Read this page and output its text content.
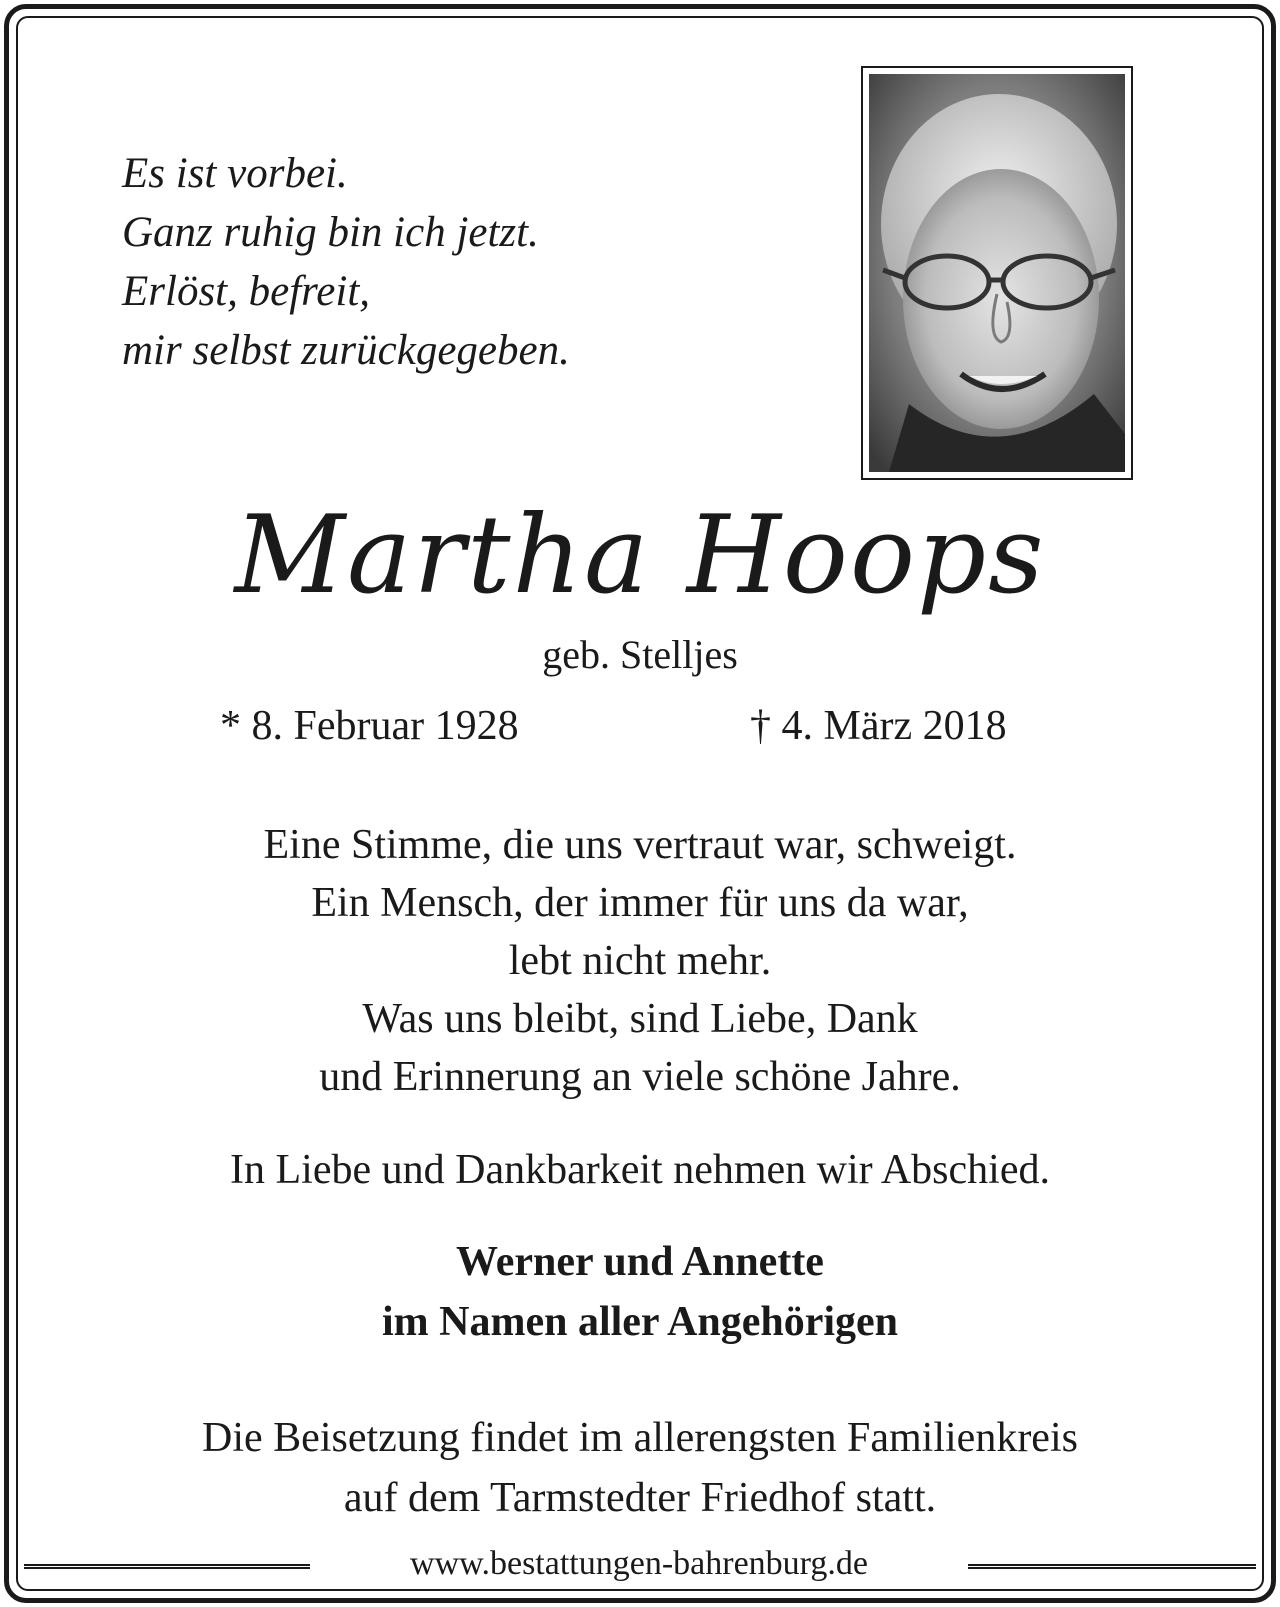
Es ist vorbei.
Ganz ruhig bin ich jetzt.
Erlöst, befreit,
mir selbst zurückgegeben.
Martha Hoops
geb. Stelljes
* 8. Februar 1928	† 4. März 2018
Eine Stimme, die uns vertraut war, schweigt.
Ein Mensch, der immer für uns da war,
lebt nicht mehr.
Was uns bleibt, sind Liebe, Dank
und Erinnerung an viele schöne Jahre.
In Liebe und Dankbarkeit nehmen wir Abschied.
Werner und Annette
im Namen aller Angehörigen
Die Beisetzung findet im allerengsten Familienkreis
auf dem Tarmstedter Friedhof statt.
www.bestattungen-bahrenburg.de
